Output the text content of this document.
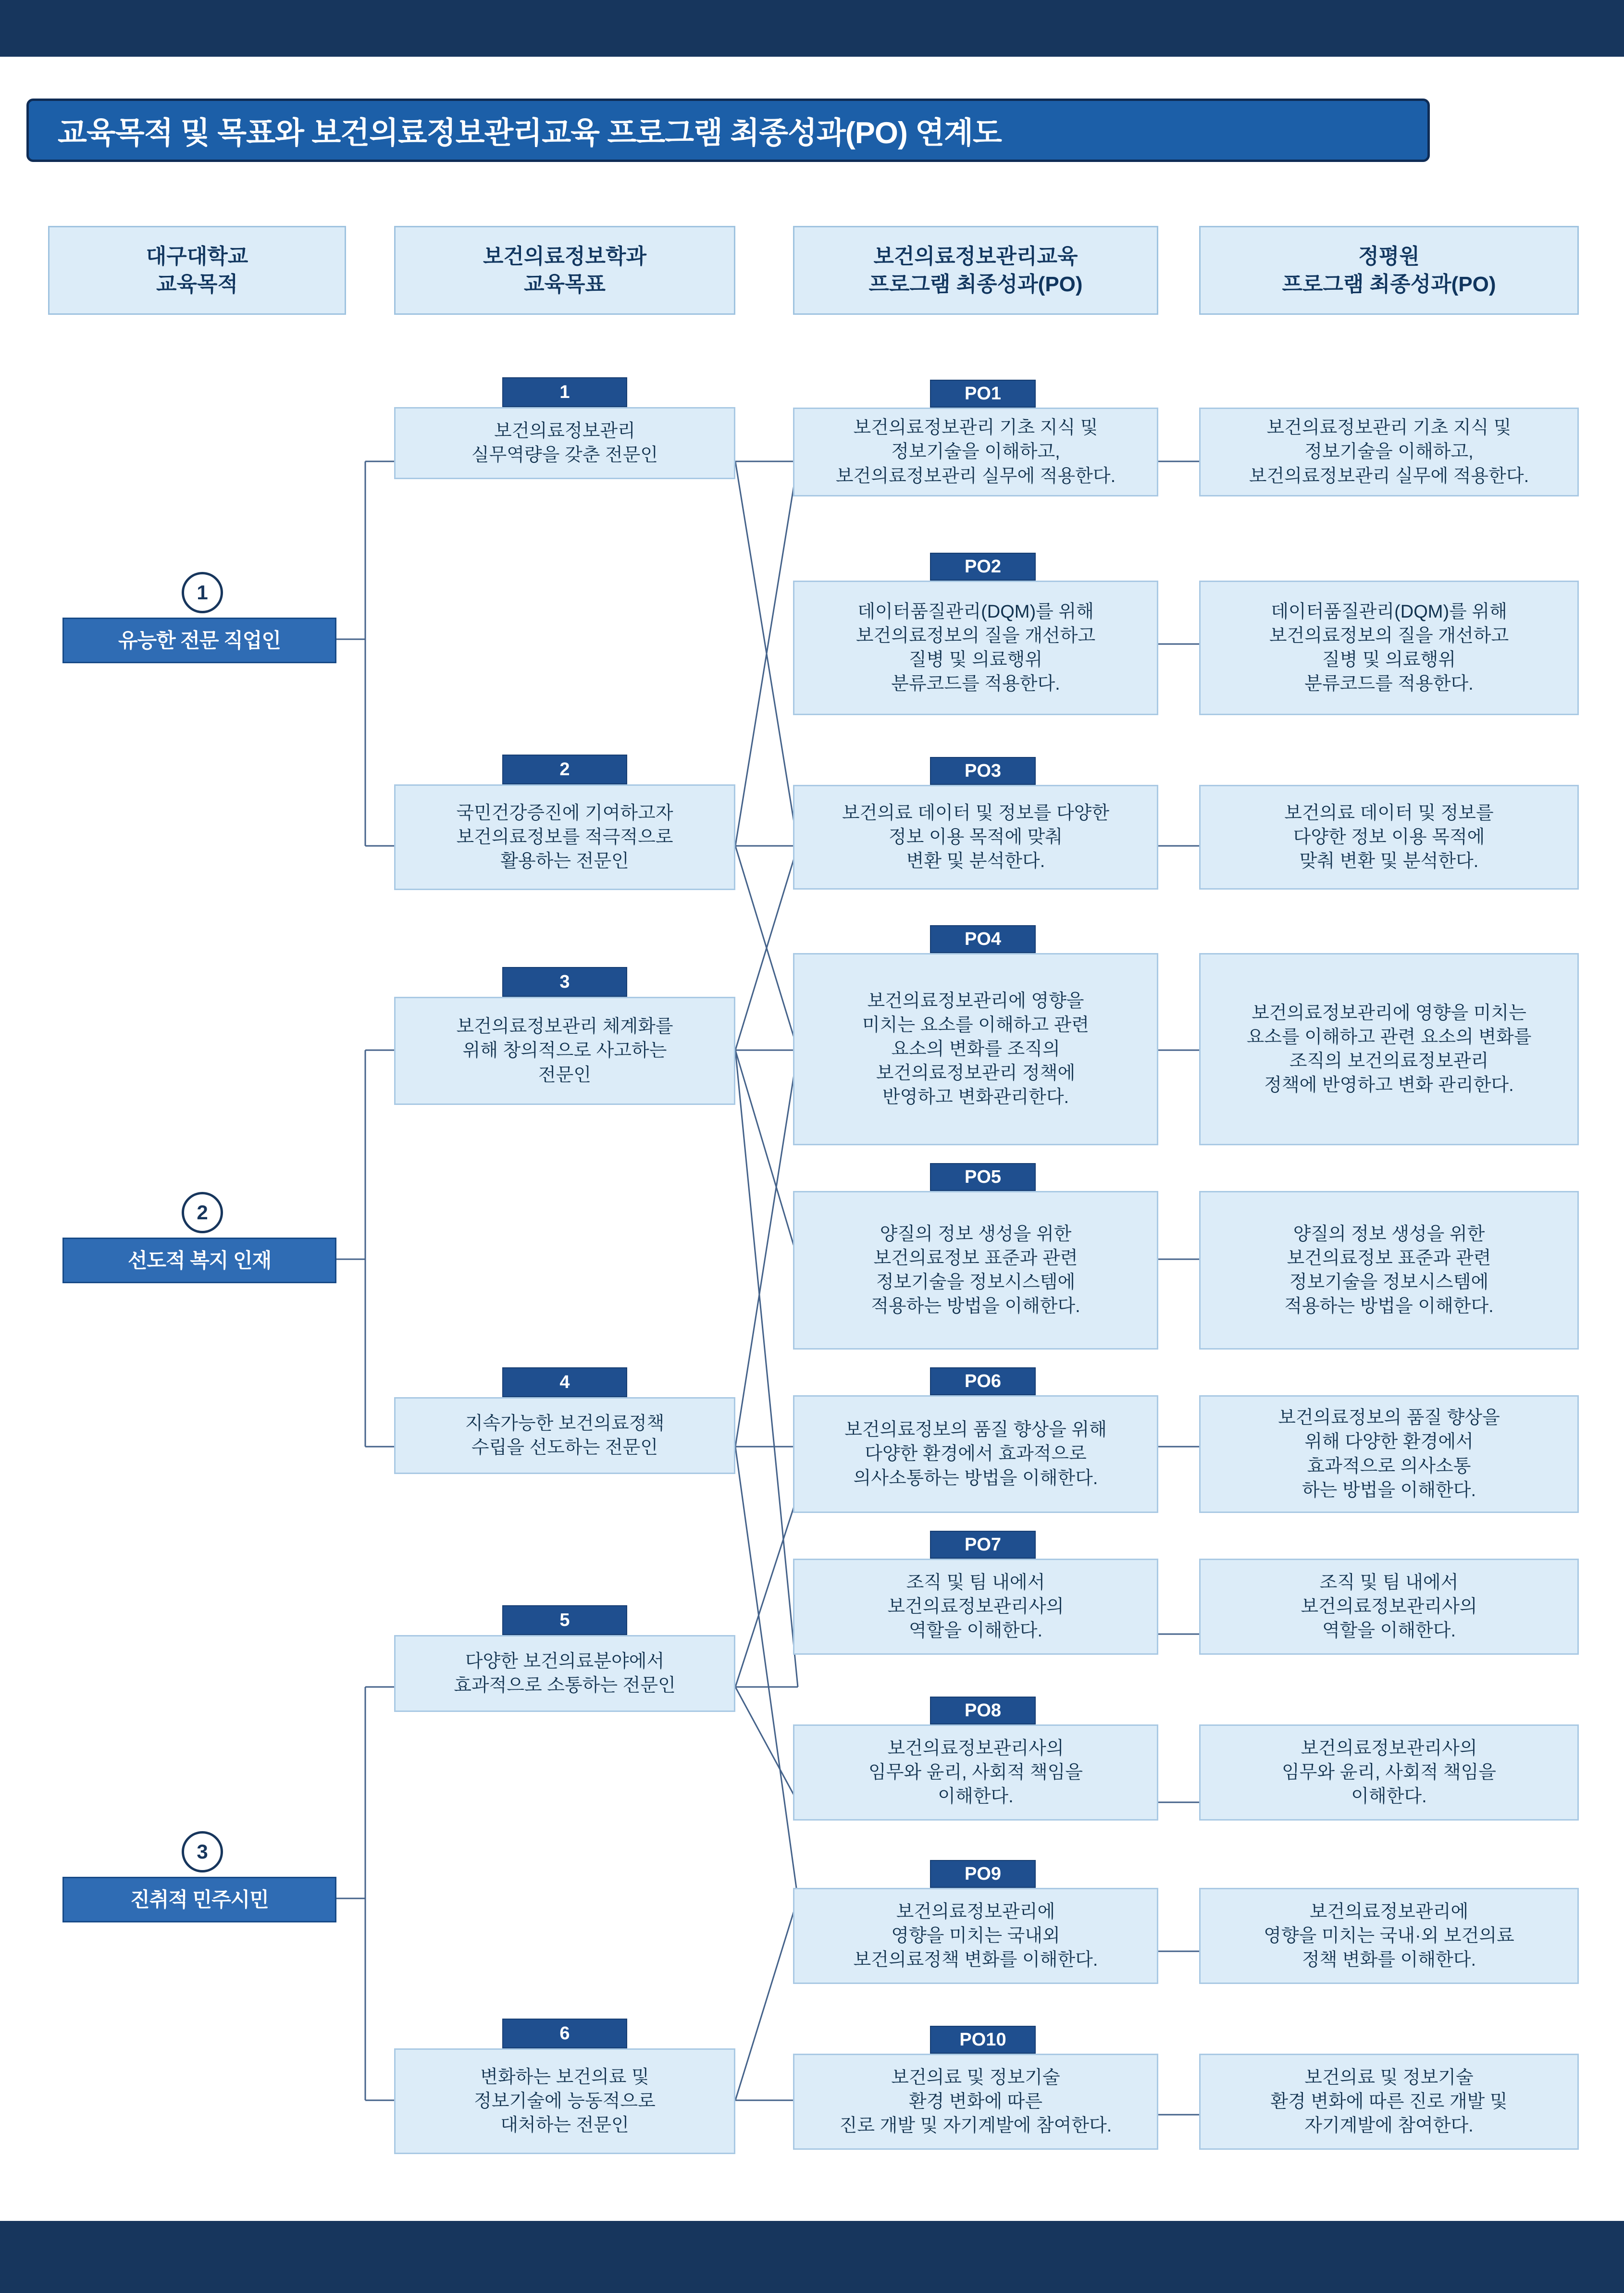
교육목적 및 목표와 보건의료정보관리교육 프로그램 최종성과(PO) 연계도
대구대학교
교육목적
보건의료정보학과
교육목표
보건의료정보관리교육
프로그램 최종성과(PO)
정평원
프로그램 최종성과(PO)
1
유능한 전문 직업인
2
선도적 복지 인재
3
진취적 민주시민
1
보건의료정보관리
실무역량을 갖춘 전문인
2
국민건강증진에 기여하고자
보건의료정보를 적극적으로
활용하는 전문인
3
보건의료정보관리 체계화를
위해 창의적으로 사고하는
전문인
4
지속가능한 보건의료정책
수립을 선도하는 전문인
5
다양한 보건의료분야에서
효과적으로 소통하는 전문인
6
변화하는 보건의료 및
정보기술에 능동적으로
대처하는 전문인
PO1
보건의료정보관리 기초 지식 및
정보기술을 이해하고,
보건의료정보관리 실무에 적용한다.
PO2
데이터품질관리(DQM)를 위해
보건의료정보의 질을 개선하고
질병 및 의료행위
분류코드를 적용한다.
PO3
보건의료 데이터 및 정보를 다양한
정보 이용 목적에 맞춰
변환 및 분석한다.
PO4
보건의료정보관리에 영향을
미치는 요소를 이해하고 관련
요소의 변화를 조직의
보건의료정보관리 정책에
반영하고 변화관리한다.
PO5
양질의 정보 생성을 위한
보건의료정보 표준과 관련
정보기술을 정보시스템에
적용하는 방법을 이해한다.
PO6
보건의료정보의 품질 향상을 위해
다양한 환경에서 효과적으로
의사소통하는 방법을 이해한다.
PO7
조직 및 팀 내에서
보건의료정보관리사의
역할을 이해한다.
PO8
보건의료정보관리사의
임무와 윤리, 사회적 책임을
이해한다.
PO9
보건의료정보관리에
영향을 미치는 국내외
보건의료정책 변화를 이해한다.
PO10
보건의료 및 정보기술
환경 변화에 따른
진로 개발 및 자기계발에 참여한다.
보건의료정보관리 기초 지식 및
정보기술을 이해하고,
보건의료정보관리 실무에 적용한다.
데이터품질관리(DQM)를 위해
보건의료정보의 질을 개선하고
질병 및 의료행위
분류코드를 적용한다.
보건의료 데이터 및 정보를
다양한 정보 이용 목적에
맞춰 변환 및 분석한다.
보건의료정보관리에 영향을 미치는
요소를 이해하고 관련 요소의 변화를
조직의 보건의료정보관리
정책에 반영하고 변화 관리한다.
양질의 정보 생성을 위한
보건의료정보 표준과 관련
정보기술을 정보시스템에
적용하는 방법을 이해한다.
보건의료정보의 품질 향상을
위해 다양한 환경에서
효과적으로 의사소통
하는 방법을 이해한다.
조직 및 팀 내에서
보건의료정보관리사의
역할을 이해한다.
보건의료정보관리사의
임무와 윤리, 사회적 책임을
이해한다.
보건의료정보관리에
영향을 미치는 국내·외 보건의료
정책 변화를 이해한다.
보건의료 및 정보기술
환경 변화에 따른 진로 개발 및
자기계발에 참여한다.
